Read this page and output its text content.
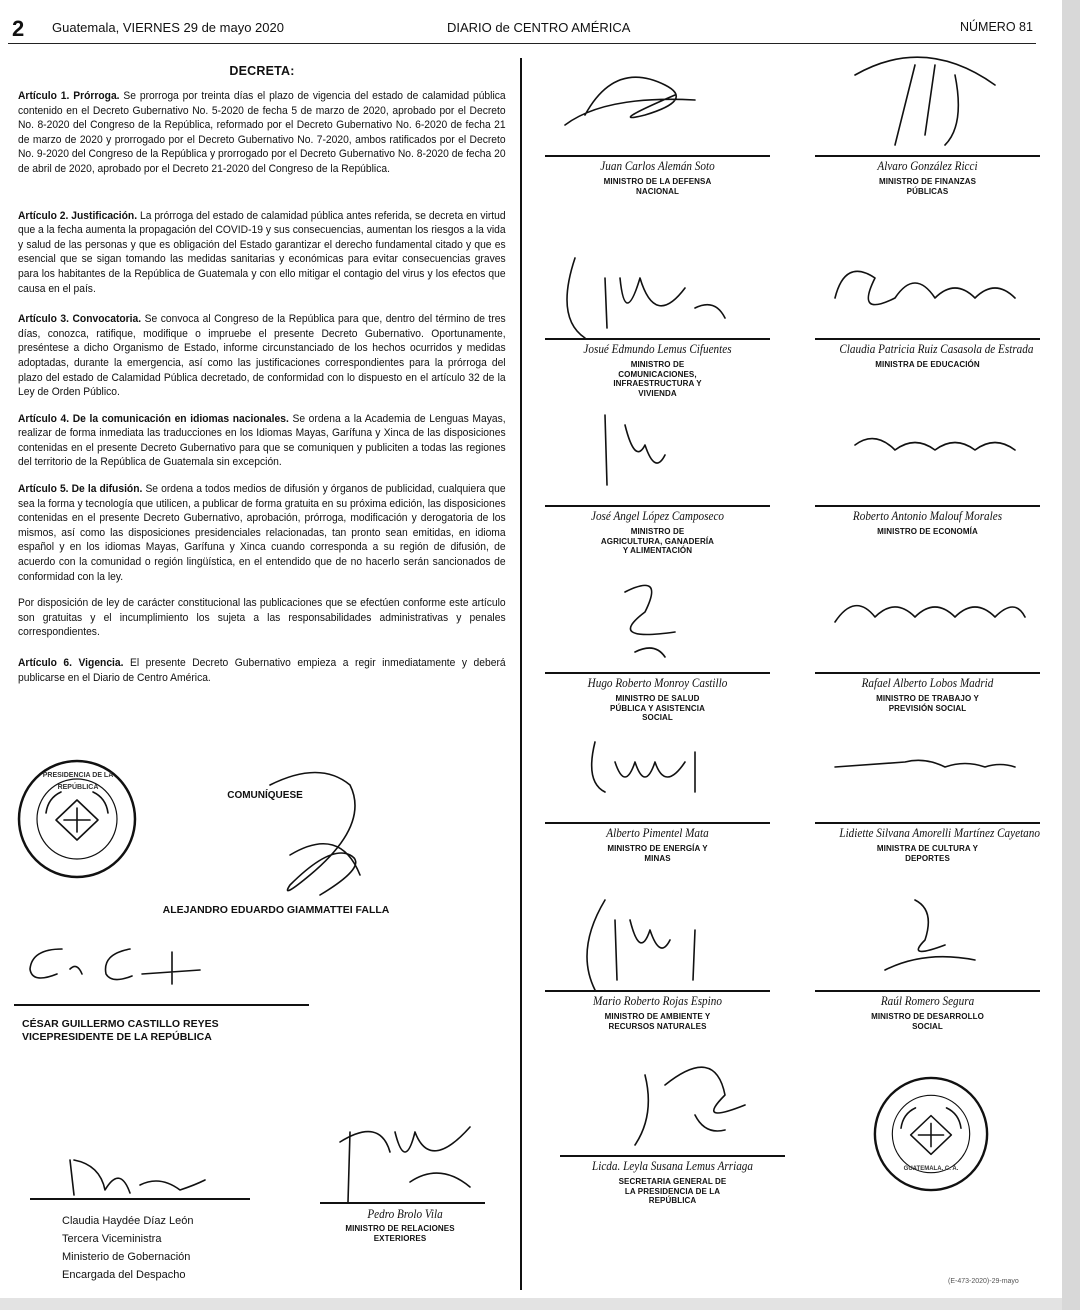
2 Guatemala, VIERNES 29 de mayo 2020	DIARIO de CENTRO AMÉRICA	NÚMERO 81
DECRETA:

Artículo 1. Prórroga. Se prorroga por treinta días el plazo de vigencia del estado de calamidad pública contenido en el Decreto Gubernativo No. 5-2020 de fecha 5 de marzo de 2020, aprobado por el Decreto No. 8-2020 del Congreso de la República, reformado por el Decreto Gubernativo No. 6-2020 de fecha 21 de marzo de 2020 y prorrogado por el Decreto Gubernativo No. 7-2020, ambos ratificados por el Decreto No. 9-2020 del Congreso de la República y prorrogado por el Decreto Gubernativo No. 8-2020 de fecha 20 de abril de 2020, aprobado por el Decreto 21-2020 del Congreso de la República.

Artículo 2. Justificación. La prórroga del estado de calamidad pública antes referida, se decreta en virtud que a la fecha aumenta la propagación del COVID-19 y sus consecuencias, aumentan los riesgos a la vida y salud de las personas y que es obligación del Estado garantizar el derecho fundamental citado y que es esencial que se sigan tomando las medidas sanitarias y económicas para evitar consecuencias graves para los habitantes de la República de Guatemala y con ello mitigar el contagio del virus y los efectos que causa en el país.

Artículo 3. Convocatoria. Se convoca al Congreso de la República para que, dentro del término de tres días, conozca, ratifique, modifique o impruebe el presente Decreto Gubernativo. Oportunamente, preséntese a dicho Organismo de Estado, informe circunstanciado de los hechos ocurridos y medidas adoptadas, durante la emergencia, así como las justificaciones correspondientes para la prórroga del plazo del estado de Calamidad Pública decretado, de conformidad con lo dispuesto en el artículo 32 de la Ley de Orden Público.

Artículo 4. De la comunicación en idiomas nacionales. Se ordena a la Academia de Lenguas Mayas, realizar de forma inmediata las traducciones en los Idiomas Mayas, Garífuna y Xinca de las disposiciones contenidas en el presente Decreto Gubernativo para que se comuniquen y publiciten a todas las regiones del territorio de la República de Guatemala sin excepción.

Artículo 5. De la difusión. Se ordena a todos medios de difusión y órganos de publicidad, cualquiera que sea la forma y tecnología que utilicen, a publicar de forma gratuita en su próxima edición, las disposiciones contenidas en el presente Decreto Gubernativo, aprobación, prórroga, modificación y derogatoria de los mismos, así como las disposiciones presidenciales relacionadas, tan pronto sean emitidas, en idioma español y en los idiomas Mayas, Garífuna y Xinca cuando corresponda a su región de difusión, de acuerdo con la comunidad o región lingüística, en el entendido que de no hacerlo serán sancionados de conformidad con la ley.

Por disposición de ley de carácter constitucional las publicaciones que se efectúen conforme este artículo son gratuitas y el incumplimiento los sujeta a las responsabilidades administrativas y penales correspondientes.

Artículo 6. Vigencia. El presente Decreto Gubernativo empieza a regir inmediatamente y deberá publicarse en el Diario de Centro América.

PRESIDENCIA DE LA REPÚBLICA
COMUNÍQUESE
ALEJANDRO EDUARDO GIAMMATTEI FALLA
CÉSAR GUILLERMO CASTILLO REYES
VICEPRESIDENTE DE LA REPÚBLICA
Claudia Haydée Díaz León
Tercera Viceministra
Ministerio de Gobernación
Encargada del Despacho
Pedro Brolo Vila
MINISTRO DE RELACIONES EXTERIORES
GUATEMALA, C. A.
(E-473-2020)-29-mayo
Juan Carlos Alemán Soto
MINISTRO DE LA DEFENSA NACIONAL
Alvaro González Ricci
MINISTRO DE FINANZAS PÚBLICAS
Josué Edmundo Lemus Cifuentes
MINISTRO DE COMUNICACIONES, INFRAESTRUCTURA Y VIVIENDA
Claudia Patricia Ruiz Casasola de Estrada
MINISTRA DE EDUCACIÓN
José Angel López Camposeco
MINISTRO DE AGRICULTURA, GANADERÍA Y ALIMENTACIÓN
Roberto Antonio Malouf Morales
MINISTRO DE ECONOMÍA
Hugo Roberto Monroy Castillo
MINISTRO DE SALUD PÚBLICA Y ASISTENCIA SOCIAL
Rafael Alberto Lobos Madrid
MINISTRO DE TRABAJO Y PREVISIÓN SOCIAL
Alberto Pimentel Mata
MINISTRO DE ENERGÍA Y MINAS
Lidiette Silvana Amorelli Martínez Cayetano
MINISTRA DE CULTURA Y DEPORTES
Mario Roberto Rojas Espino
MINISTRO DE AMBIENTE Y RECURSOS NATURALES
Raúl Romero Segura
MINISTRO DE DESARROLLO SOCIAL
Licda. Leyla Susana Lemus Arriaga
SECRETARIA GENERAL DE LA PRESIDENCIA DE LA REPÚBLICA
